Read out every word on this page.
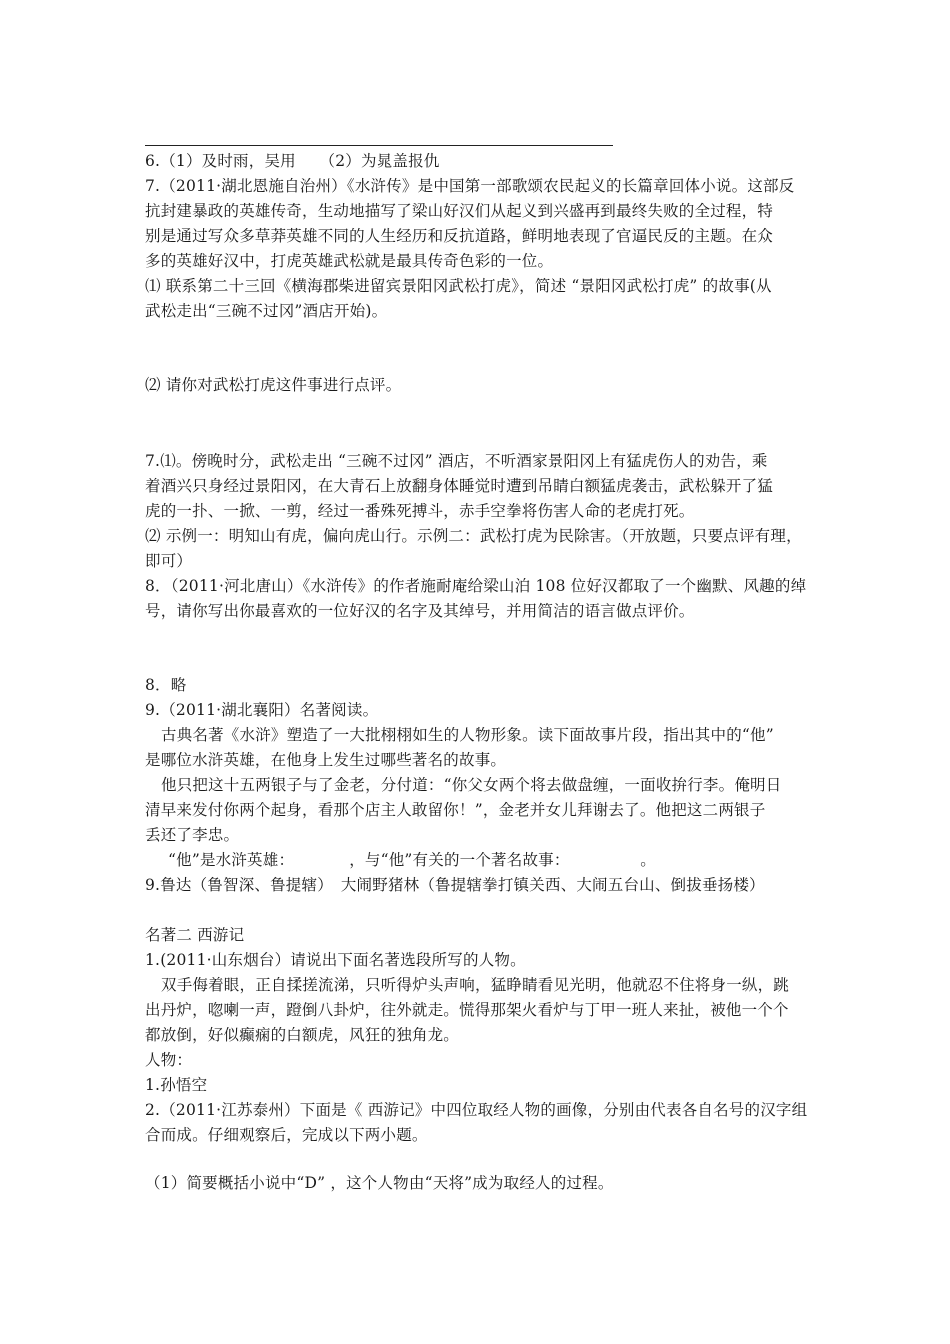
6.（1）及时雨，吴用　　（2）为晁盖报仇
7.（2011·湖北恩施自治州）《水浒传》是中国第一部歌颂农民起义的长篇章回体小说。这部反
抗封建暴政的英雄传奇，生动地描写了梁山好汉们从起义到兴盛再到最终失败的全过程，特
别是通过写众多草莽英雄不同的人生经历和反抗道路，鲜明地表现了官逼民反的主题。在众
多的英雄好汉中，打虎英雄武松就是最具传奇色彩的一位。
⑴ 联系第二十三回《横海郡柴进留宾景阳冈武松打虎》，简述 “景阳冈武松打虎” 的故事(从
武松走出“三碗不过冈”酒店开始)。
⑵ 请你对武松打虎这件事进行点评。
7.⑴。傍晚时分，武松走出 “三碗不过冈” 酒店，不听酒家景阳冈上有猛虎伤人的劝告，乘
着酒兴只身经过景阳冈，在大青石上放翻身体睡觉时遭到吊睛白额猛虎袭击，武松躲开了猛
虎的一扑、一掀、一剪，经过一番殊死搏斗，赤手空拳将伤害人命的老虎打死。
⑵ 示例一：明知山有虎，偏向虎山行。示例二：武松打虎为民除害。（开放题，只要点评有理，
即可）
8．（2011·河北唐山）《水浒传》的作者施耐庵给梁山泊 108 位好汉都取了一个幽默、风趣的绰
号，请你写出你最喜欢的一位好汉的名字及其绰号，并用简洁的语言做点评价。
8．略
9.（2011·湖北襄阳）名著阅读。
古典名著《水浒》塑造了一大批栩栩如生的人物形象。读下面故事片段，指出其中的“他”
是哪位水浒英雄，在他身上发生过哪些著名的故事。
他只把这十五两银子与了金老，分付道：“你父女两个将去做盘缠，一面收拚行李。俺明日
清早来发付你两个起身，看那个店主人敢留你！”，金老并女儿拜谢去了。他把这二两银子
丢还了李忠。
“他”是水浒英雄：　　　　，与“他”有关的一个著名故事：　　　　　。
9.鲁达（鲁智深、鲁提辖）　大闹野猪林（鲁提辖拳打镇关西、大闹五台山、倒拔垂扬楼）
名著二 西游记
1.(2011·山东烟台）请说出下面名著选段所写的人物。
双手侮着眼，正自揉搓流涕，只听得炉头声响，猛睁睛看见光明，他就忍不住将身一纵，跳
出丹炉，唿喇一声，蹬倒八卦炉，往外就走。慌得那架火看炉与丁甲一班人来扯，被他一个个
都放倒，好似癫痫的白额虎，风狂的独角龙。
人物：
1.孙悟空
2.（2011·江苏泰州）下面是《 西游记》中四位取经人物的画像，分别由代表各自名号的汉字组
合而成。仔细观察后，完成以下两小题。
（1）简要概括小说中“D” ，这个人物由“天将”成为取经人的过程。
